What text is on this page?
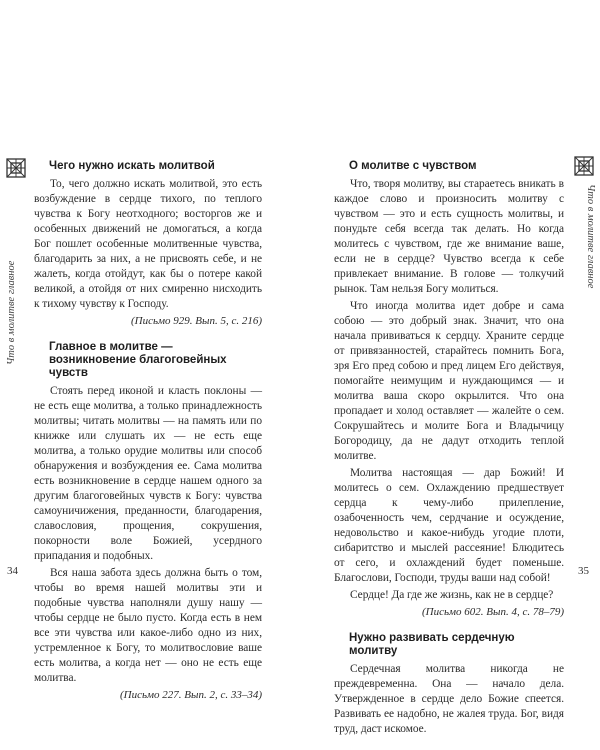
Что в молитве главное

Чего нужно искать молитвой

То, чего должно искать молитвой, это есть возбуждение в сердце тихого, по теплого чувства к Богу неотходного; восторгов же и особенных движений не домогаться, а когда Бог пошлет особенные молитвенные чувства, благодарить за них, а не присвоять себе, и не жалеть, когда отойдут, как бы о потере какой великой, а отойдя от них смиренно нисходить к тихому чувству к Господу.

(Письмо 929. Вып. 5, с. 216)

Главное в молитве — возникновение благоговейных чувств

Стоять перед иконой и класть поклоны — не есть еще молитва, а только принадлежность молитвы; читать молитвы — на память или по книжке или слушать их — не есть еще молитва, а только орудие молитвы или способ обнаружения и возбуждения ее. Сама молитва есть возникновение в сердце нашем одного за другим благоговейных чувств к Богу: чувства самоуничижения, преданности, благодарения, славословия, прощения, сокрушения, покорности воле Божией, усердного припадания и подобных.

Вся наша забота здесь должна быть о том, чтобы во время нашей молитвы эти и подобные чувства наполняли душу нашу — чтобы сердце не было пусто. Когда есть в нем все эти чувства или какое-либо одно из них, устремленное к Богу, то молитвословие ваше есть молитва, а когда нет — оно не есть еще молитва.

(Письмо 227. Вып. 2, с. 33–34)

34
Что в молитве главное

О молитве с чувством

Что, творя молитву, вы стараетесь вникать в каждое слово и произносить молитву с чувством — это и есть сущность молитвы, и понудьте себя всегда так делать. Но когда молитесь с чувством, где же внимание ваше, если не в сердце? Чувство всегда к себе привлекает внимание. В голове — толкучий рынок. Там нельзя Богу молиться.

Что иногда молитва идет добре и сама собою — это добрый знак. Значит, что она начала прививаться к сердцу. Храните сердце от привязанностей, старайтесь помнить Бога, зря Его пред собою и пред лицем Его действуя, помогайте неимущим и нуждающимся — и молитва ваша скоро окрылится. Что она пропадает и холод оставляет — жалейте о сем. Сокрушайтесь и молите Бога и Владычицу Богородицу, да не дадут отходить теплой молитве.

Молитва настоящая — дар Божий! И молитесь о сем. Охлаждению предшествует сердца к чему-либо прилепление, озабоченность чем, сердчание и осуждение, недовольство и какое-нибудь угодие плоти, сибаритство и мыслей рассеяние! Блюдитесь от сего, и охлаждений будет поменьше. Благослови, Господи, труды ваши над собой!

Сердце! Да где же жизнь, как не в сердце?

(Письмо 602. Вып. 4, с. 78–79)

Нужно развивать сердечную молитву

Сердечная молитва никогда не преждевременна. Она — начало дела. Утвержденное в сердце дело Божие спеется. Развивать ее надобно, не жалея труда. Бог, видя труд, даст искомое.

35
